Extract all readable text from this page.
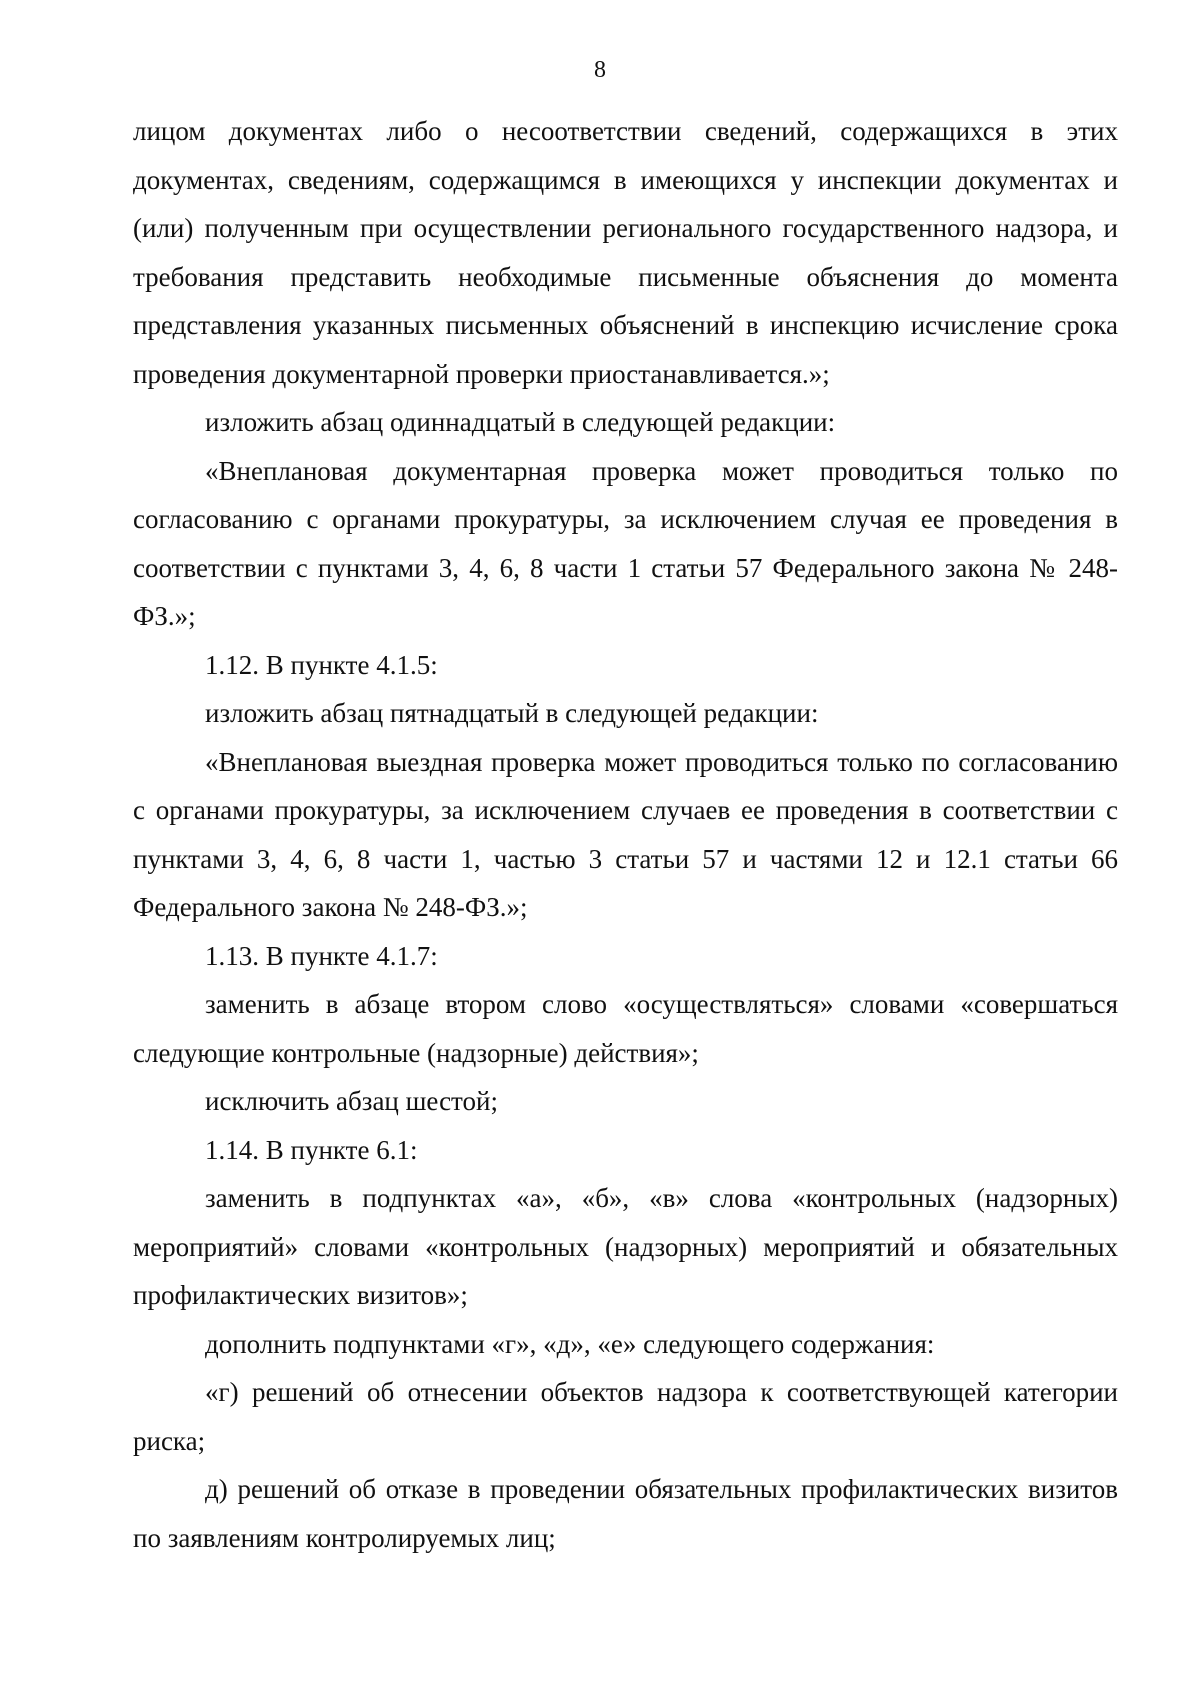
8

лицом документах либо о несоответствии сведений, содержащихся в этих документах, сведениям, содержащимся в имеющихся у инспекции документах и (или) полученным при осуществлении регионального государственного надзора, и требования представить необходимые письменные объяснения до момента представления указанных письменных объяснений в инспекцию исчисление срока проведения документарной проверки приостанавливается.»;

изложить абзац одиннадцатый в следующей редакции:

«Внеплановая документарная проверка может проводиться только по согласованию с органами прокуратуры, за исключением случая ее проведения в соответствии с пунктами 3, 4, 6, 8 части 1 статьи 57 Федерального закона № 248-ФЗ.»;

1.12. В пункте 4.1.5:

изложить абзац пятнадцатый в следующей редакции:

«Внеплановая выездная проверка может проводиться только по согласованию с органами прокуратуры, за исключением случаев ее проведения в соответствии с пунктами 3, 4, 6, 8 части 1, частью 3 статьи 57 и частями 12 и 12.1 статьи 66 Федерального закона № 248-ФЗ.»;

1.13. В пункте 4.1.7:

заменить в абзаце втором слово «осуществляться» словами «совершаться следующие контрольные (надзорные) действия»;

исключить абзац шестой;

1.14. В пункте 6.1:

заменить в подпунктах «а», «б», «в» слова «контрольных (надзорных) мероприятий» словами «контрольных (надзорных) мероприятий и обязательных профилактических визитов»;

дополнить подпунктами «г», «д», «е» следующего содержания:

«г) решений об отнесении объектов надзора к соответствующей категории риска;

д) решений об отказе в проведении обязательных профилактических визитов по заявлениям контролируемых лиц;
